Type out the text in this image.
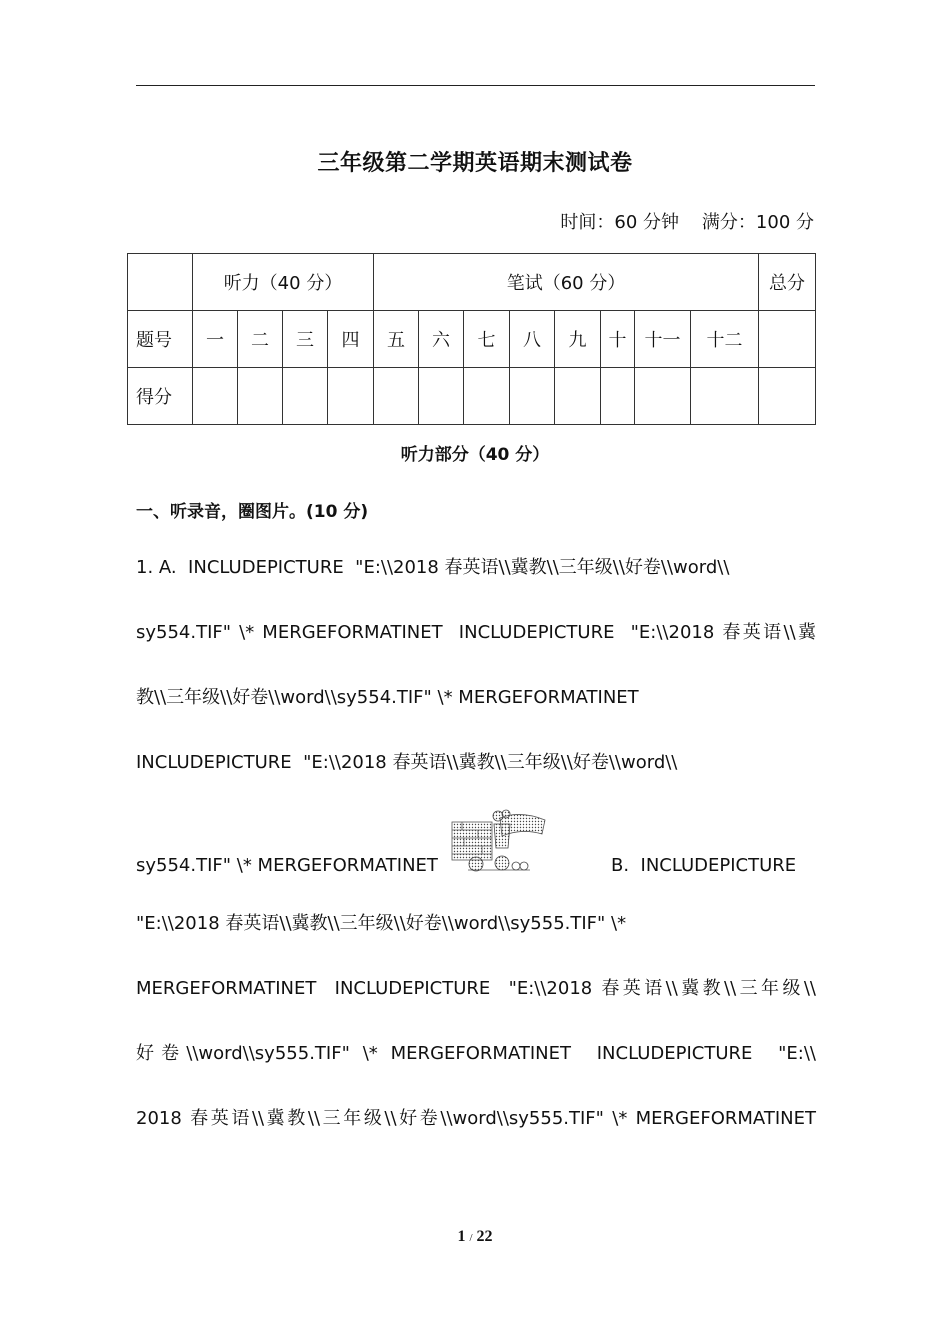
三年级第二学期英语期末测试卷
时间：60 分钟 满分：100 分
	听力（40 分）				笔试（60 分）								总分
题号	一	二	三	四	五	六	七	八	九	十	十一	十二	
得分													
听力部分（40 分）
一、听录音，圈图片。(10 分)
1. A.  INCLUDEPICTURE  "E:\\2018 春英语\\冀教\\三年级\\好卷\\word\\
sy554.TIF" \* MERGEFORMATINET  INCLUDEPICTURE  "E:\\2018 春英语\\冀
教\\三年级\\好卷\\word\\sy554.TIF" \* MERGEFORMATINET
INCLUDEPICTURE  "E:\\2018 春英语\\冀教\\三年级\\好卷\\word\\
sy554.TIF" \* MERGEFORMATINET	B.  INCLUDEPICTURE
"E:\\2018 春英语\\冀教\\三年级\\好卷\\word\\sy555.TIF" \*
MERGEFORMATINET  INCLUDEPICTURE  "E:\\2018 春英语\\冀教\\三年级\\
好卷\\word\\sy555.TIF" \* MERGEFORMATINET  INCLUDEPICTURE  "E:\\
2018 春英语\\冀教\\三年级\\好卷\\word\\sy555.TIF" \* MERGEFORMATINET
1 / 22
